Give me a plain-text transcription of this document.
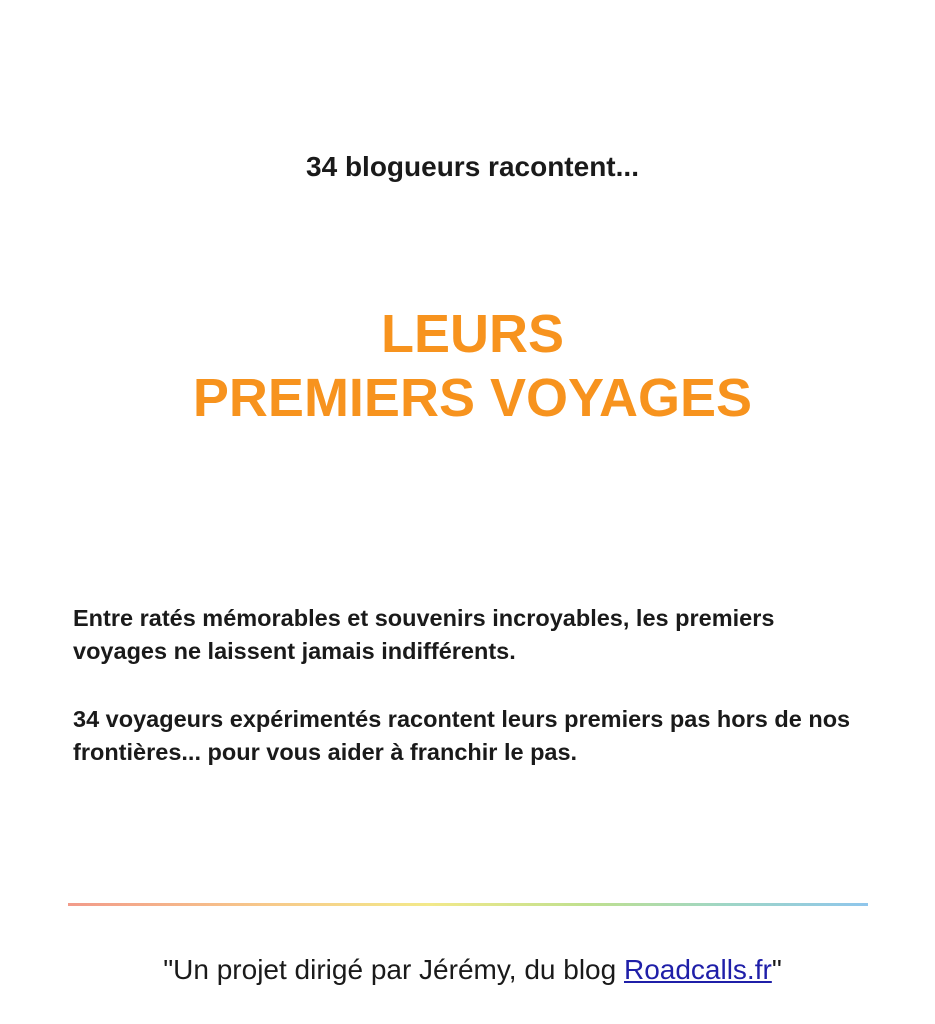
34 blogueurs racontent...
LEURS
PREMIERS VOYAGES

Entre ratés mémorables et souvenirs incroyables, les premiers voyages ne laissent jamais indifférents.

34 voyageurs expérimentés racontent leurs premiers pas hors de nos frontières... pour vous aider à franchir le pas.

"Un projet dirigé par Jérémy, du blog Roadcalls.fr"
